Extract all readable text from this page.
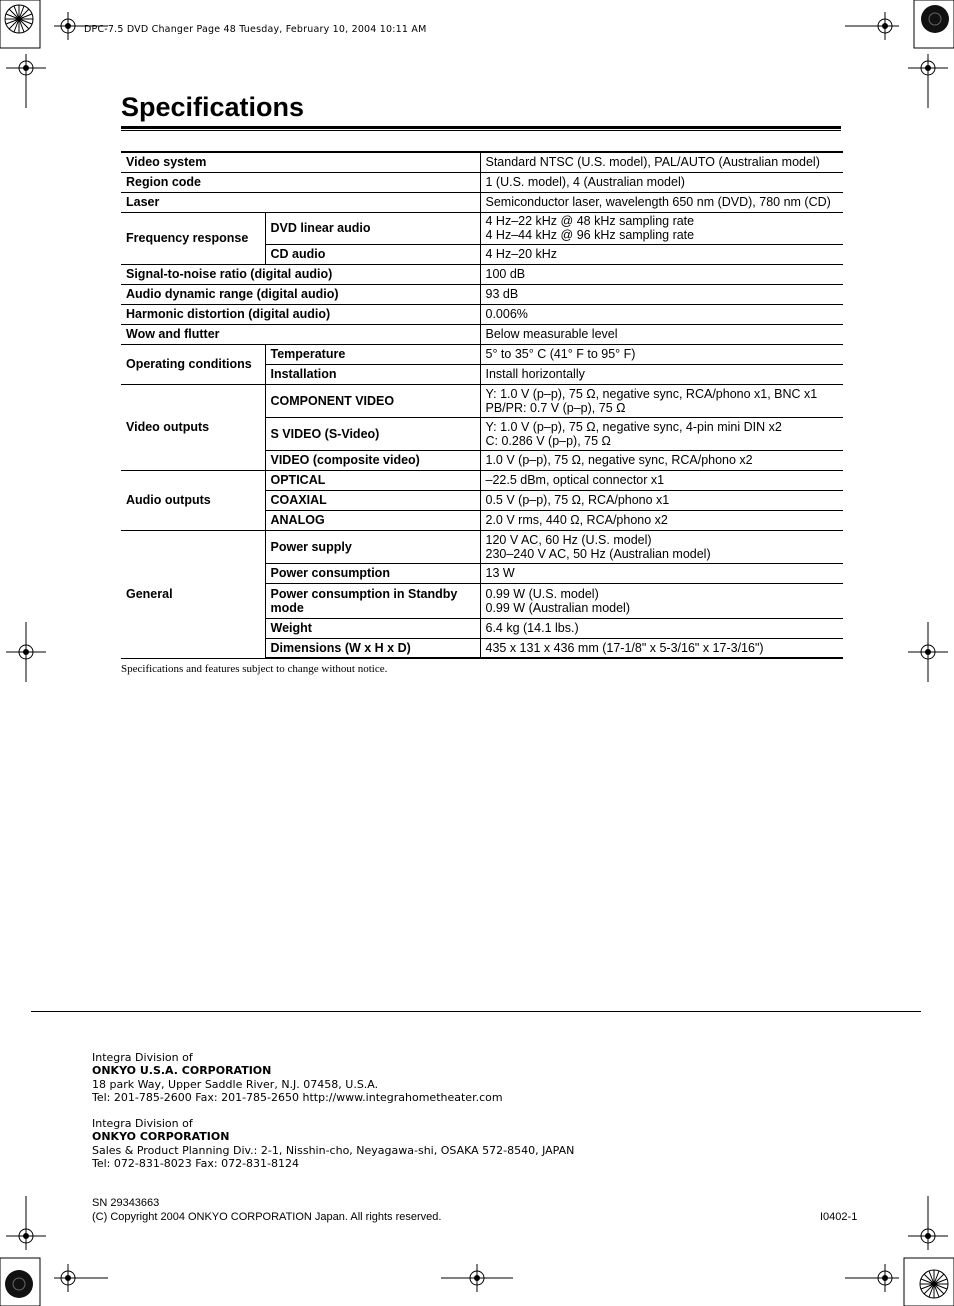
DPC-7.5 DVD Changer Page 48 Tuesday, February 10, 2004 10:11 AM
Specifications
Video system		Standard NTSC (U.S. model), PAL/AUTO (Australian model)
Region code		1 (U.S. model), 4 (Australian model)
Laser		Semiconductor laser, wavelength 650 nm (DVD), 780 nm (CD)
Frequency response	DVD linear audio	4 Hz–22 kHz @ 48 kHz sampling rate
4 Hz–44 kHz @ 96 kHz sampling rate

	CD audio	4 Hz–20 kHz
Signal-to-noise ratio (digital audio)		100 dB
Audio dynamic range (digital audio)		93 dB
Harmonic distortion (digital audio)		0.006%
Wow and flutter		Below measurable level
Operating conditions	Temperature	5° to 35° C (41° F to 95° F)
	Installation	Install horizontally
Video outputs	COMPONENT VIDEO	Y: 1.0 V (p–p), 75 Ω, negative sync, RCA/phono x1, BNC x1
PB/PR: 0.7 V (p–p), 75 Ω

	S VIDEO (S-Video)	Y: 1.0 V (p–p), 75 Ω, negative sync, 4-pin mini DIN x2
C: 0.286 V (p–p), 75 Ω

	VIDEO (composite video)	1.0 V (p–p), 75 Ω, negative sync, RCA/phono x2
Audio outputs	OPTICAL	–22.5 dBm, optical connector x1
	COAXIAL	0.5 V (p–p), 75 Ω, RCA/phono x1
	ANALOG	2.0 V rms, 440 Ω, RCA/phono x2
General	Power supply	120 V AC, 60 Hz (U.S. model)
230–240 V AC, 50 Hz (Australian model)

	Power consumption	13 W
	Power consumption in Standby mode	0.99 W (U.S. model)
0.99 W (Australian model)

	Weight	6.4 kg (14.1 lbs.)
	Dimensions (W x H x D)	435 x 131 x 436 mm (17-1/8" x 5-3/16" x 17-3/16")
Specifications and features subject to change without notice.
Integra Division of
ONKYO U.S.A. CORPORATION
18 park Way, Upper Saddle River, N.J. 07458, U.S.A.
Tel: 201-785-2600 Fax: 201-785-2650 http://www.integrahometheater.com
Integra Division of
ONKYO CORPORATION
Sales & Product Planning Div.: 2-1, Nisshin-cho, Neyagawa-shi, OSAKA 572-8540, JAPAN
Tel: 072-831-8023 Fax: 072-831-8124
SN 29343663
(C) Copyright 2004 ONKYO CORPORATION Japan. All rights reserved.	I0402-1
